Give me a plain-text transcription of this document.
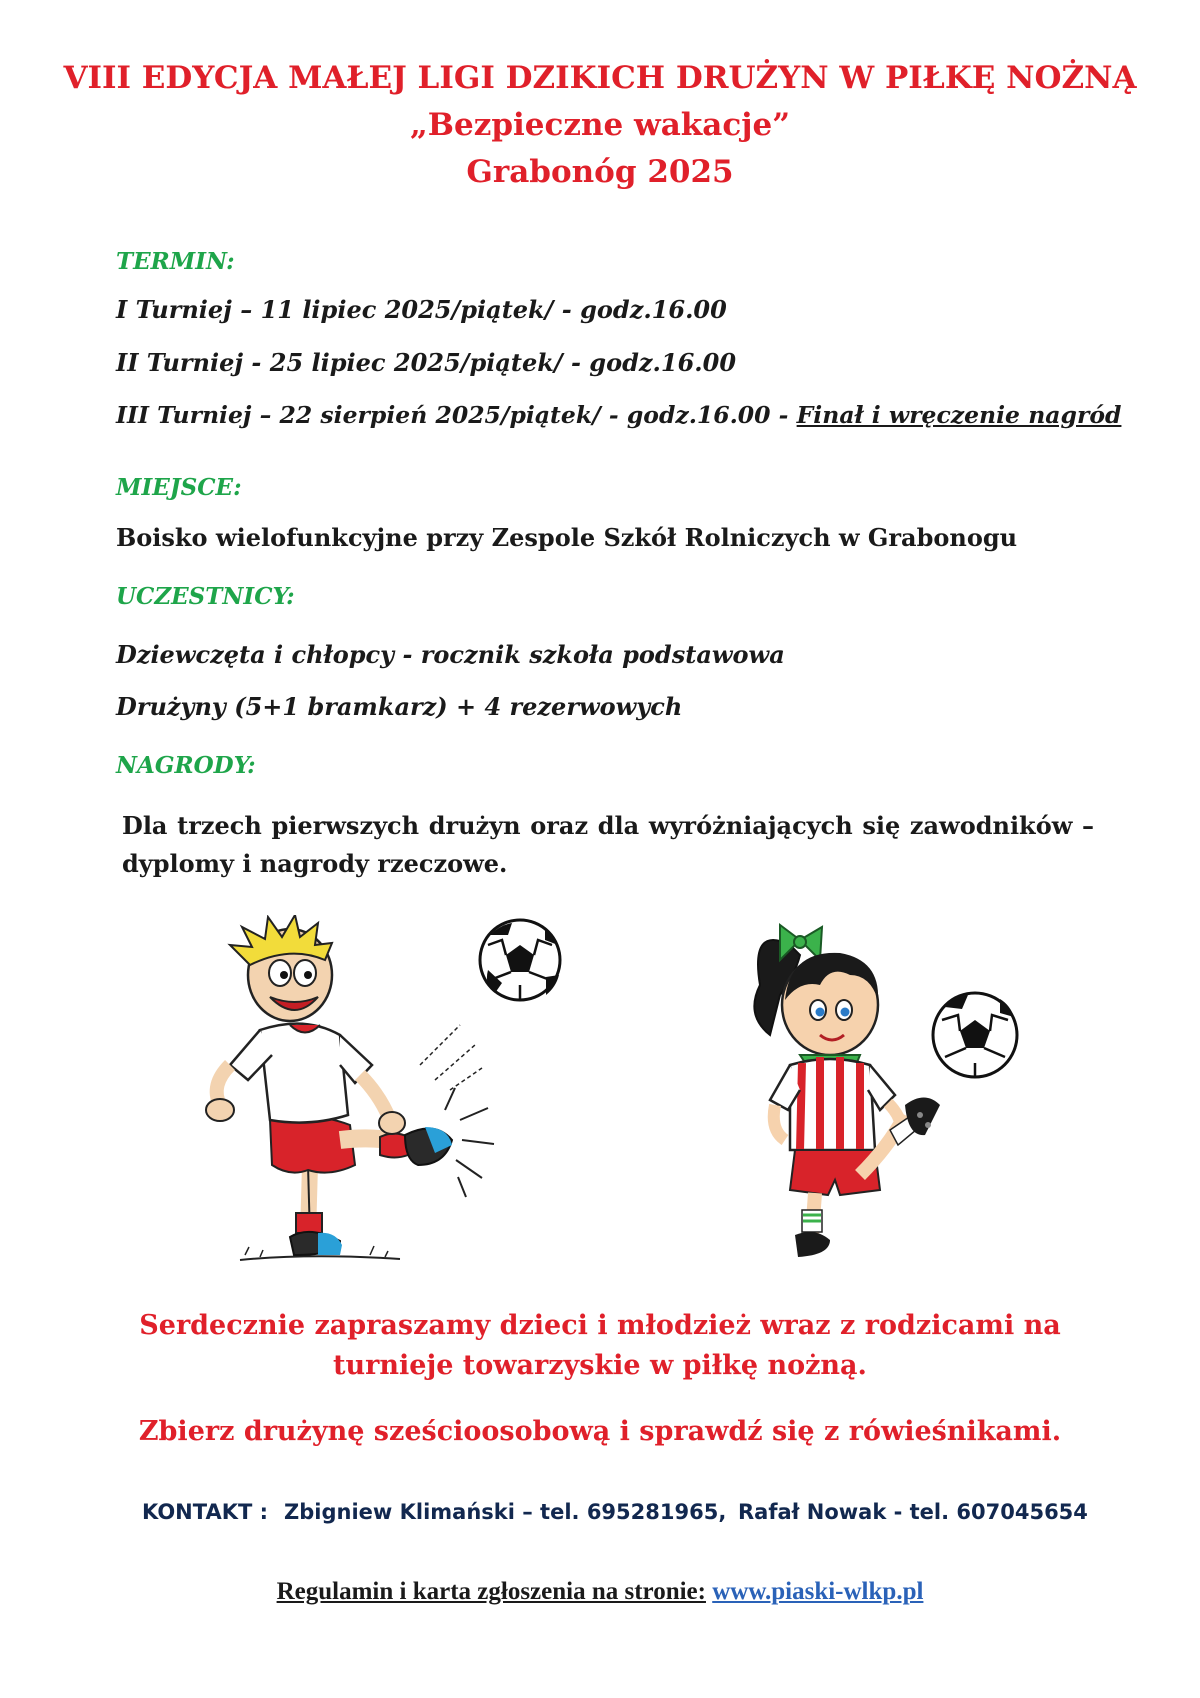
VIII EDYCJA MAŁEJ LIGI DZIKICH DRUŻYN W PIŁKĘ NOŻNĄ
„Bezpieczne wakacje”
Grabonóg 2025
TERMIN:
I Turniej – 11 lipiec 2025/piątek/ - godz.16.00
II Turniej - 25 lipiec 2025/piątek/ - godz.16.00
III Turniej – 22 sierpień 2025/piątek/ - godz.16.00 - Finał i wręczenie nagród
MIEJSCE:
Boisko wielofunkcyjne przy Zespole Szkół Rolniczych w Grabonogu
UCZESTNICY:
Dziewczęta i chłopcy - rocznik szkoła podstawowa
Drużyny (5+1 bramkarz) + 4 rezerwowych
NAGRODY:
Dla trzech pierwszych drużyn oraz dla wyróżniających się zawodników – dyplomy i nagrody rzeczowe.
Serdecznie zapraszamy dzieci i młodzież wraz z rodzicami na
turnieje towarzyskie w piłkę nożną.
Zbierz drużynę sześcioosobową i sprawdź się z rówieśnikami.
KONTAKT : Zbigniew Klimański – tel. 695281965, Rafał Nowak - tel. 607045654
Regulamin i karta zgłoszenia na stronie: www.piaski-wlkp.pl
